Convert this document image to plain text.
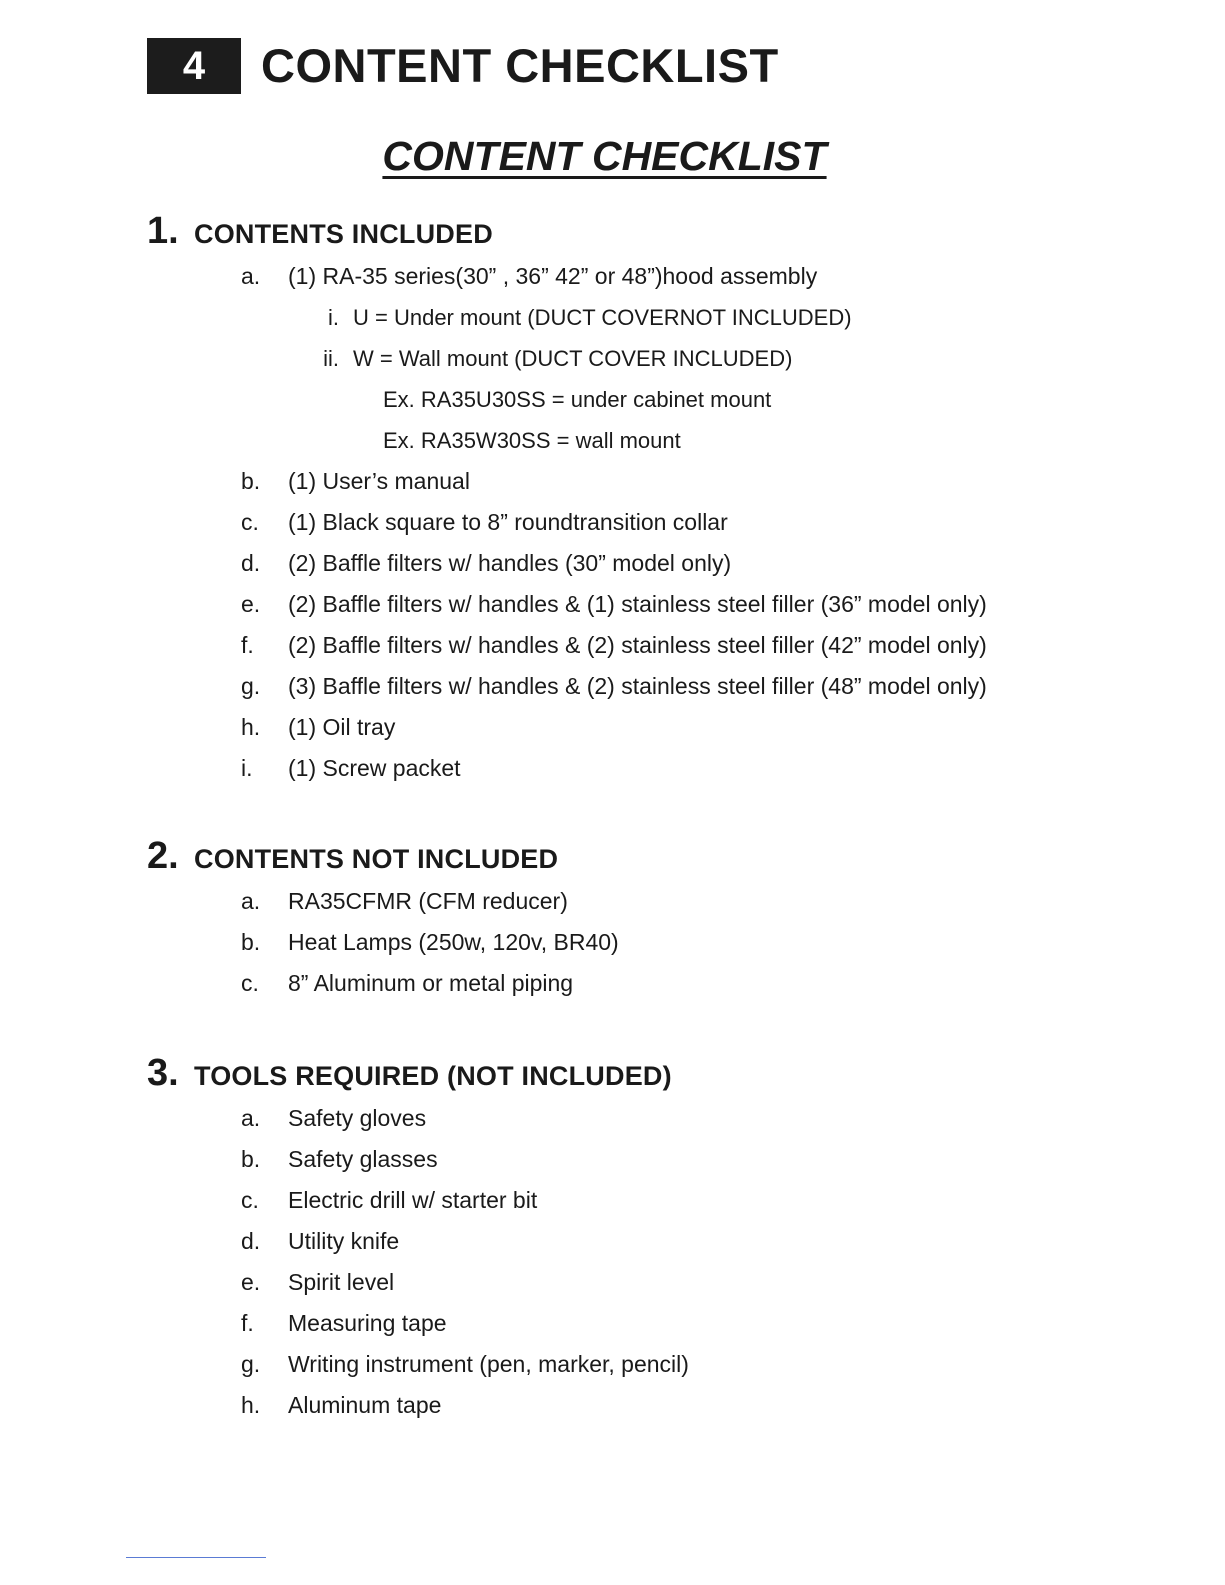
4	CONTENT CHECKLIST
CONTENT CHECKLIST
1. CONTENTS INCLUDED
a.	(1) RA-35 series(30” , 36” 42” or 48”)hood assembly
i. U = Under mount (DUCT COVERNOT INCLUDED)
ii. W = Wall mount (DUCT COVER INCLUDED)
Ex. RA35U30SS = under cabinet mount
Ex. RA35W30SS = wall mount
b.	(1) User’s manual
c.	(1) Black square to 8” roundtransition collar
d.	(2) Baffle filters w/ handles (30” model only)
e.	(2) Baffle filters w/ handles & (1) stainless steel filler (36” model only)
f.	(2) Baffle filters w/ handles & (2) stainless steel filler (42” model only)
g.	(3) Baffle filters w/ handles & (2) stainless steel filler (48” model only)
h.	(1) Oil tray
i.	(1) Screw packet
2. CONTENTS NOT INCLUDED
a.	RA35CFMR (CFM reducer)
b.	Heat Lamps (250w, 120v, BR40)
c.	8” Aluminum or metal piping
3. TOOLS REQUIRED (NOT INCLUDED)
a.	Safety gloves
b.	Safety glasses
c.	Electric drill w/ starter bit
d.	Utility knife
e.	Spirit level
f.	Measuring tape
g.	Writing instrument (pen, marker, pencil)
h.	Aluminum tape
